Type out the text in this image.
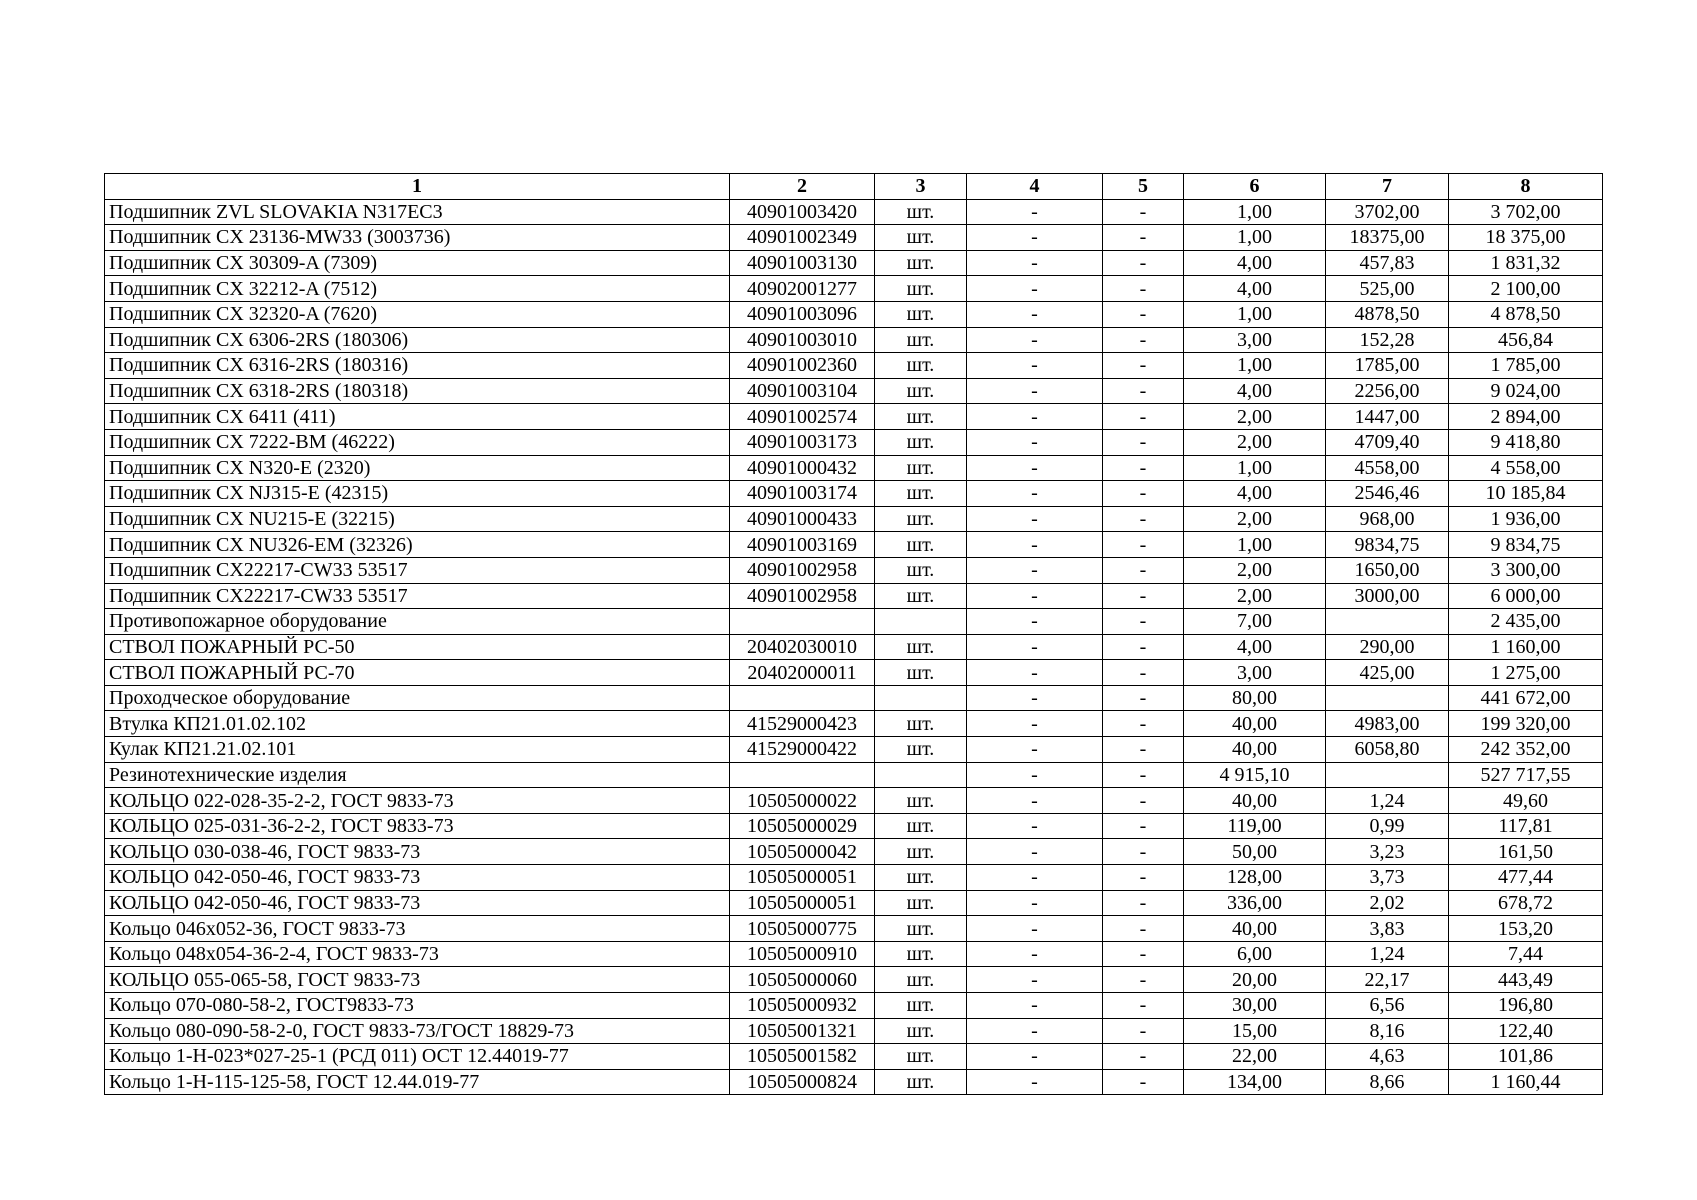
1	2	3	4	5	6	7	8
Подшипник ZVL SLOVAKIA N317EC3	40901003420	шт.	-	-	1,00	3702,00	3 702,00
Подшипник CX 23136-MW33 (3003736)	40901002349	шт.	-	-	1,00	18375,00	18 375,00
Подшипник CX 30309-A (7309)	40901003130	шт.	-	-	4,00	457,83	1 831,32
Подшипник CX 32212-A (7512)	40902001277	шт.	-	-	4,00	525,00	2 100,00
Подшипник CX 32320-A (7620)	40901003096	шт.	-	-	1,00	4878,50	4 878,50
Подшипник CX 6306-2RS (180306)	40901003010	шт.	-	-	3,00	152,28	456,84
Подшипник CX 6316-2RS (180316)	40901002360	шт.	-	-	1,00	1785,00	1 785,00
Подшипник CX 6318-2RS (180318)	40901003104	шт.	-	-	4,00	2256,00	9 024,00
Подшипник CX 6411 (411)	40901002574	шт.	-	-	2,00	1447,00	2 894,00
Подшипник CX 7222-BM (46222)	40901003173	шт.	-	-	2,00	4709,40	9 418,80
Подшипник CX N320-E (2320)	40901000432	шт.	-	-	1,00	4558,00	4 558,00
Подшипник CX NJ315-E (42315)	40901003174	шт.	-	-	4,00	2546,46	10 185,84
Подшипник CX NU215-E (32215)	40901000433	шт.	-	-	2,00	968,00	1 936,00
Подшипник CX NU326-EM (32326)	40901003169	шт.	-	-	1,00	9834,75	9 834,75
Подшипник CX22217-CW33 53517	40901002958	шт.	-	-	2,00	1650,00	3 300,00
Подшипник CX22217-CW33 53517	40901002958	шт.	-	-	2,00	3000,00	6 000,00
Противопожарное оборудование			-	-	7,00		2 435,00
СТВОЛ ПОЖАРНЫЙ РС-50	20402030010	шт.	-	-	4,00	290,00	1 160,00
СТВОЛ ПОЖАРНЫЙ РС-70	20402000011	шт.	-	-	3,00	425,00	1 275,00
Проходческое оборудование			-	-	80,00		441 672,00
Втулка КП21.01.02.102	41529000423	шт.	-	-	40,00	4983,00	199 320,00
Кулак КП21.21.02.101	41529000422	шт.	-	-	40,00	6058,80	242 352,00
Резинотехнические изделия			-	-	4 915,10		527 717,55
КОЛЬЦО 022-028-35-2-2, ГОСТ 9833-73	10505000022	шт.	-	-	40,00	1,24	49,60
КОЛЬЦО 025-031-36-2-2, ГОСТ 9833-73	10505000029	шт.	-	-	119,00	0,99	117,81
КОЛЬЦО 030-038-46, ГОСТ 9833-73	10505000042	шт.	-	-	50,00	3,23	161,50
КОЛЬЦО 042-050-46, ГОСТ 9833-73	10505000051	шт.	-	-	128,00	3,73	477,44
КОЛЬЦО 042-050-46, ГОСТ 9833-73	10505000051	шт.	-	-	336,00	2,02	678,72
Кольцо 046х052-36, ГОСТ 9833-73	10505000775	шт.	-	-	40,00	3,83	153,20
Кольцо 048х054-36-2-4, ГОСТ 9833-73	10505000910	шт.	-	-	6,00	1,24	7,44
КОЛЬЦО 055-065-58, ГОСТ 9833-73	10505000060	шт.	-	-	20,00	22,17	443,49
Кольцо 070-080-58-2, ГОСТ9833-73	10505000932	шт.	-	-	30,00	6,56	196,80
Кольцо 080-090-58-2-0, ГОСТ 9833-73/ГОСТ 18829-73	10505001321	шт.	-	-	15,00	8,16	122,40
Кольцо 1-Н-023*027-25-1 (РСД 011) ОСТ 12.44019-77	10505001582	шт.	-	-	22,00	4,63	101,86
Кольцо 1-Н-115-125-58, ГОСТ 12.44.019-77	10505000824	шт.	-	-	134,00	8,66	1 160,44
